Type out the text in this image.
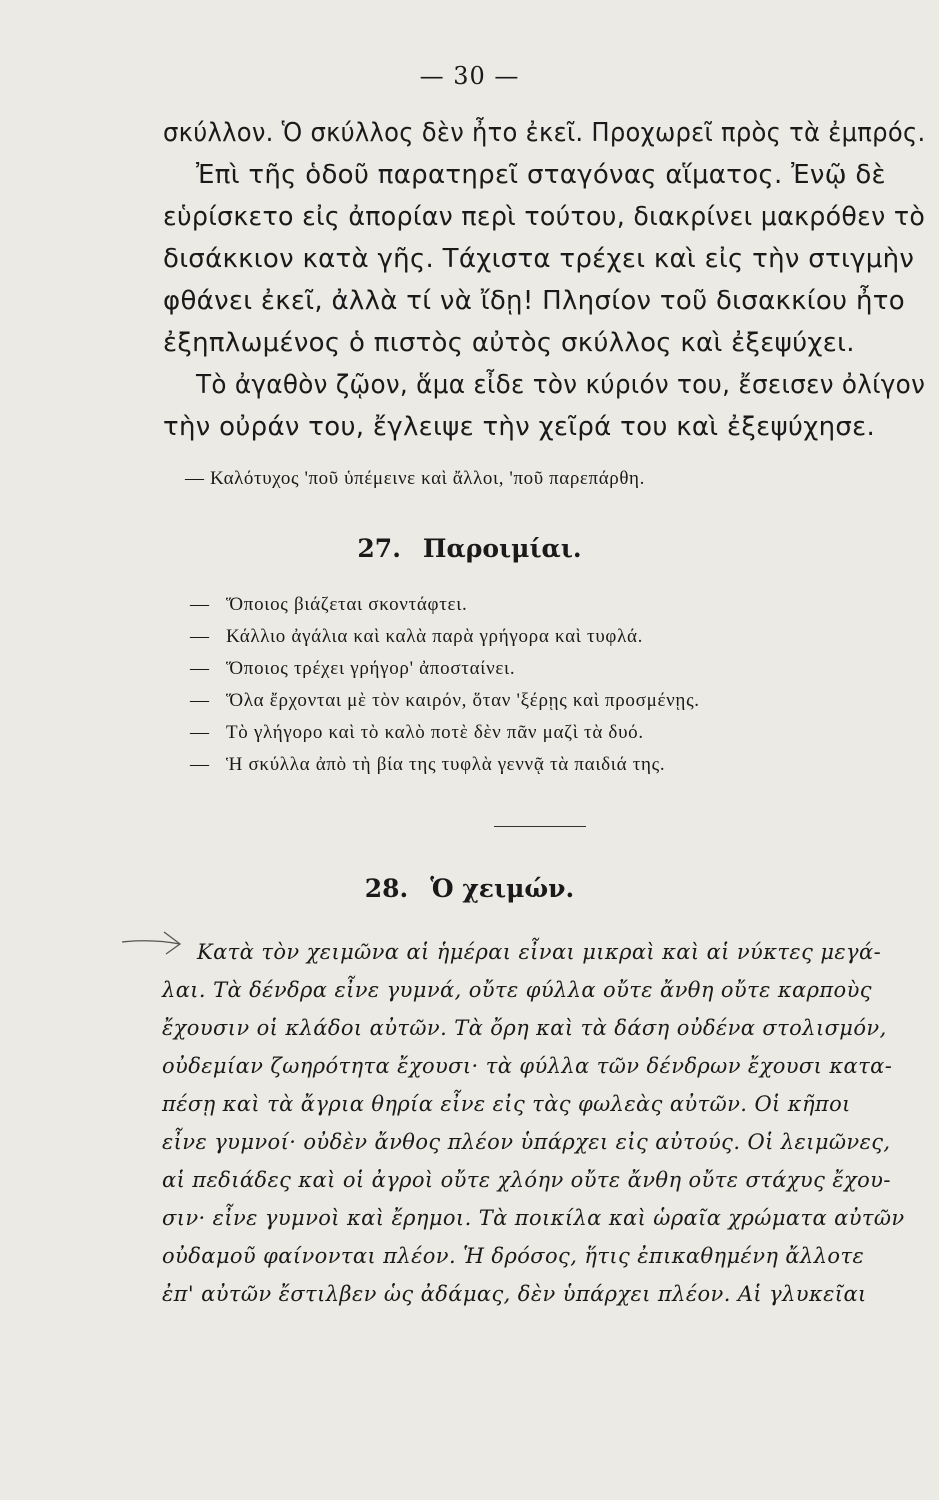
— 30 —
σκύλλον. Ὁ σκύλλος δὲν ἦτο ἐκεῖ. Προχωρεῖ πρὸς τὰ ἐμπρός.
Ἐπὶ τῆς ὁδοῦ παρατηρεῖ σταγόνας αἵματος. Ἐνῷ δὲ
εὑρίσκετο εἰς ἀπορίαν περὶ τούτου, διακρίνει μακρόθεν τὸ
δισάκκιον κατὰ γῆς. Τάχιστα τρέχει καὶ εἰς τὴν στιγμὴν
φθάνει ἐκεῖ, ἀλλὰ τί νὰ ἴδῃ! Πλησίον τοῦ δισακκίου ἦτο
ἐξηπλωμένος ὁ πιστὸς αὐτὸς σκύλλος καὶ ἐξεψύχει.
Τὸ ἀγαθὸν ζῷον, ἅμα εἶδε τὸν κύριόν του, ἔσεισεν ὀλίγον
τὴν οὐράν του, ἔγλειψε τὴν χεῖρά του καὶ ἐξεψύχησε.
— Καλότυχος 'ποῦ ὑπέμεινε καὶ ἄλλοι, 'ποῦ παρεπάρθη.
27. Παροιμίαι.
— Ὅποιος βιάζεται σκοντάφτει.
— Κάλλιο ἀγάλια καὶ καλὰ παρὰ γρήγορα καὶ τυφλά.
— Ὅποιος τρέχει γρήγορ' ἀποσταίνει.
— Ὅλα ἔρχονται μὲ τὸν καιρόν, ὅταν 'ξέρῃς καὶ προσμένῃς.
— Τὸ γλήγορο καὶ τὸ καλὸ ποτὲ δὲν πᾶν μαζὶ τὰ δυό.
— Ἡ σκύλλα ἀπὸ τὴ βία της τυφλὰ γεννᾷ τὰ παιδιά της.
28. Ὁ χειμών.
Κατὰ τὸν χειμῶνα αἱ ἡμέραι εἶναι μικραὶ καὶ αἱ νύκτες μεγά-
λαι. Τὰ δένδρα εἶνε γυμνά, οὔτε φύλλα οὔτε ἄνθη οὔτε καρποὺς
ἔχουσιν οἱ κλάδοι αὐτῶν. Τὰ ὄρη καὶ τὰ δάση οὐδένα στολισμόν,
οὐδεμίαν ζωηρότητα ἔχουσι· τὰ φύλλα τῶν δένδρων ἔχουσι κατα-
πέσῃ καὶ τὰ ἄγρια θηρία εἶνε εἰς τὰς φωλεὰς αὐτῶν. Οἱ κῆποι
εἶνε γυμνοί· οὐδὲν ἄνθος πλέον ὑπάρχει εἰς αὐτούς. Οἱ λειμῶνες,
αἱ πεδιάδες καὶ οἱ ἀγροὶ οὔτε χλόην οὔτε ἄνθη οὔτε στάχυς ἔχου-
σιν· εἶνε γυμνοὶ καὶ ἔρημοι. Τὰ ποικίλα καὶ ὡραῖα χρώματα αὐτῶν
οὐδαμοῦ φαίνονται πλέον. Ἡ δρόσος, ἥτις ἐπικαθημένη ἄλλοτε
ἐπ' αὐτῶν ἔστιλβεν ὡς ἀδάμας, δὲν ὑπάρχει πλέον. Αἱ γλυκεῖαι
